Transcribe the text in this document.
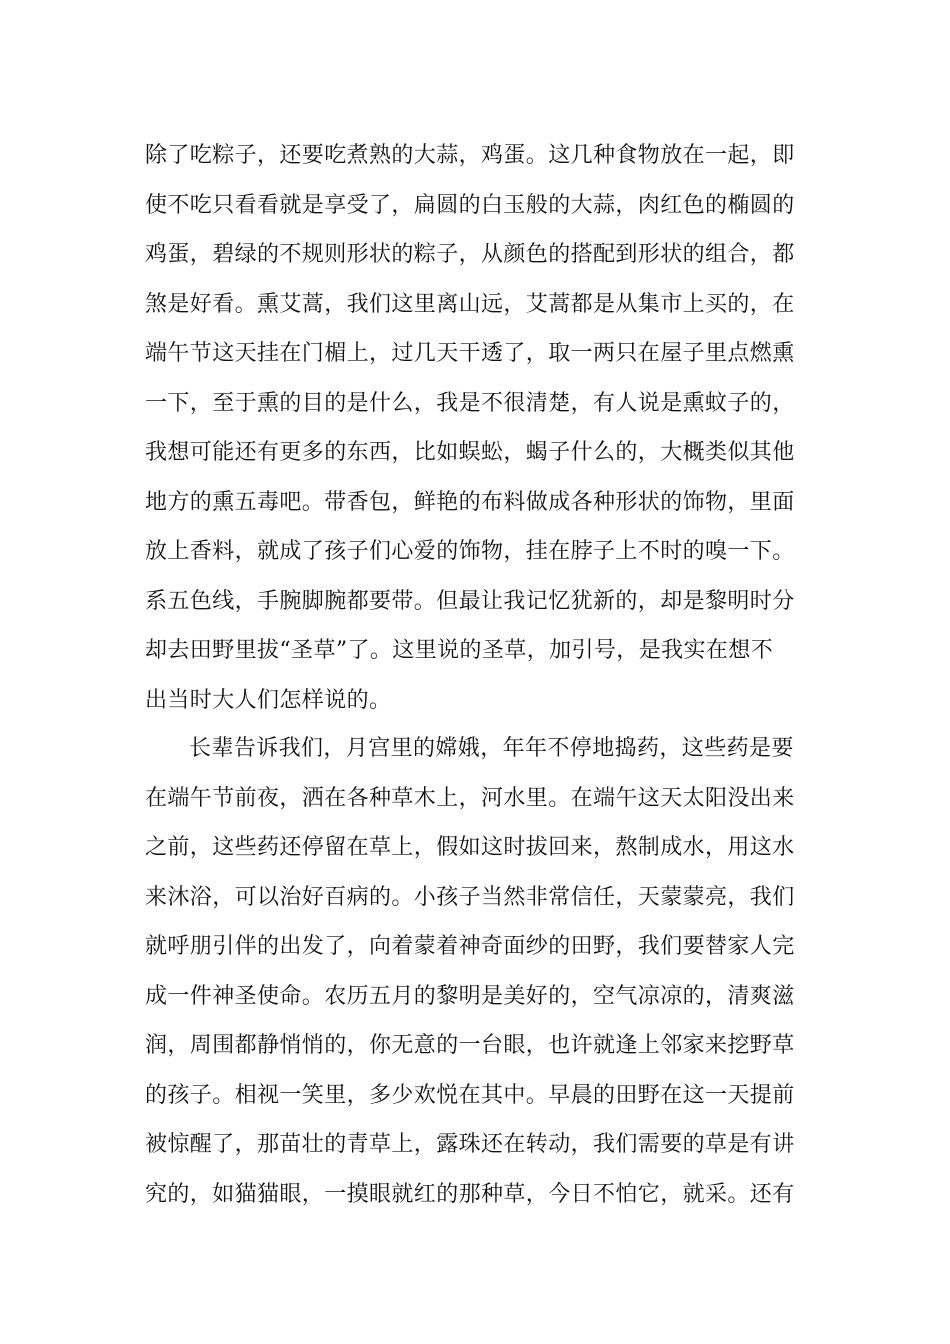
除了吃粽子，还要吃煮熟的大蒜，鸡蛋。这几种食物放在一起，即
使不吃只看看就是享受了，扁圆的白玉般的大蒜，肉红色的椭圆的
鸡蛋，碧绿的不规则形状的粽子，从颜色的搭配到形状的组合，都
煞是好看。熏艾蒿，我们这里离山远，艾蒿都是从集市上买的，在
端午节这天挂在门楣上，过几天干透了，取一两只在屋子里点燃熏
一下，至于熏的目的是什么，我是不很清楚，有人说是熏蚊子的，
我想可能还有更多的东西，比如蜈蚣，蝎子什么的，大概类似其他
地方的熏五毒吧。带香包，鲜艳的布料做成各种形状的饰物，里面
放上香料，就成了孩子们心爱的饰物，挂在脖子上不时的嗅一下。
系五色线，手腕脚腕都要带。但最让我记忆犹新的，却是黎明时分
却去田野里拔“圣草”了。这里说的圣草，加引号，是我实在想不
出当时大人们怎样说的。
长辈告诉我们，月宫里的嫦娥，年年不停地捣药，这些药是要
在端午节前夜，洒在各种草木上，河水里。在端午这天太阳没出来
之前，这些药还停留在草上，假如这时拔回来，熬制成水，用这水
来沐浴，可以治好百病的。小孩子当然非常信任，天蒙蒙亮，我们
就呼朋引伴的出发了，向着蒙着神奇面纱的田野，我们要替家人完
成一件神圣使命。农历五月的黎明是美好的，空气凉凉的，清爽滋
润，周围都静悄悄的，你无意的一台眼，也许就逢上邻家来挖野草
的孩子。相视一笑里，多少欢悦在其中。早晨的田野在这一天提前
被惊醒了，那苗壮的青草上，露珠还在转动，我们需要的草是有讲
究的，如猫猫眼，一摸眼就红的那种草，今日不怕它，就采。还有
